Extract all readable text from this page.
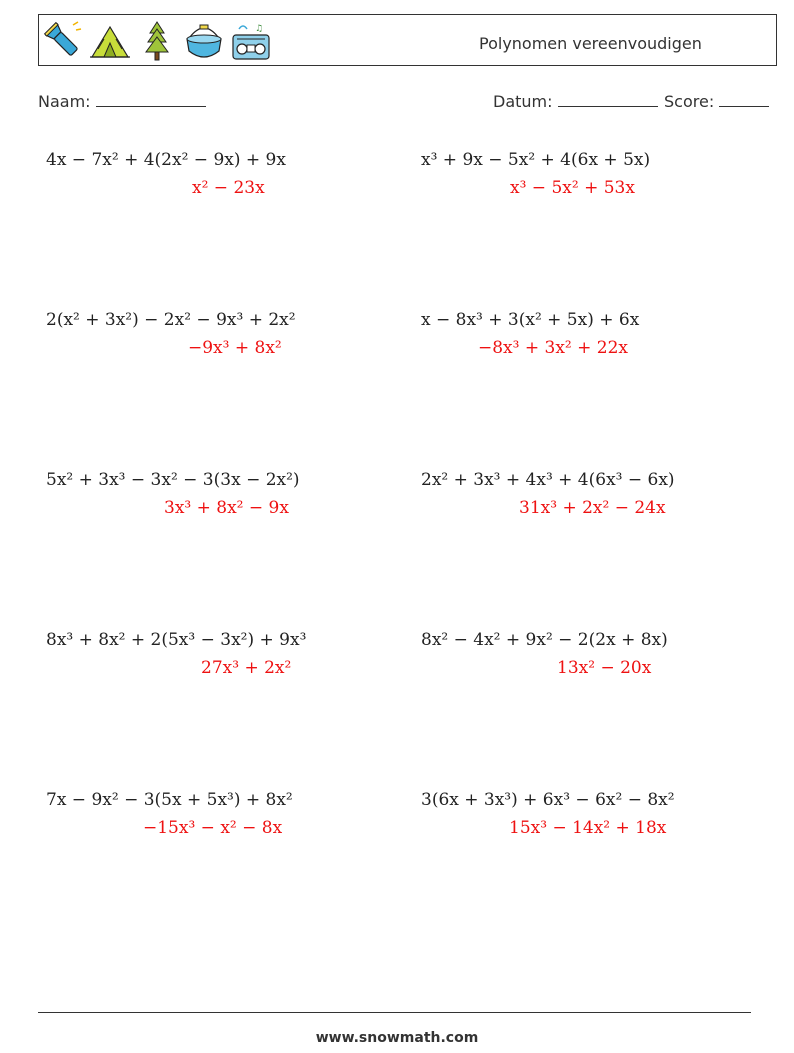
♫
Polynomen vereenvoudigen
Naam:	Datum:	Score:
4x − 7x² + 4(2x² − 9x) + 9x
x² − 23x
x³ + 9x − 5x² + 4(6x + 5x)
x³ − 5x² + 53x
2(x² + 3x²) − 2x² − 9x³ + 2x²
−9x³ + 8x²
x − 8x³ + 3(x² + 5x) + 6x
−8x³ + 3x² + 22x
5x² + 3x³ − 3x² − 3(3x − 2x²)
3x³ + 8x² − 9x
2x² + 3x³ + 4x³ + 4(6x³ − 6x)
31x³ + 2x² − 24x
8x³ + 8x² + 2(5x³ − 3x²) + 9x³
27x³ + 2x²
8x² − 4x² + 9x² − 2(2x + 8x)
13x² − 20x
7x − 9x² − 3(5x + 5x³) + 8x²
−15x³ − x² − 8x
3(6x + 3x³) + 6x³ − 6x² − 8x²
15x³ − 14x² + 18x
www.snowmath.com
